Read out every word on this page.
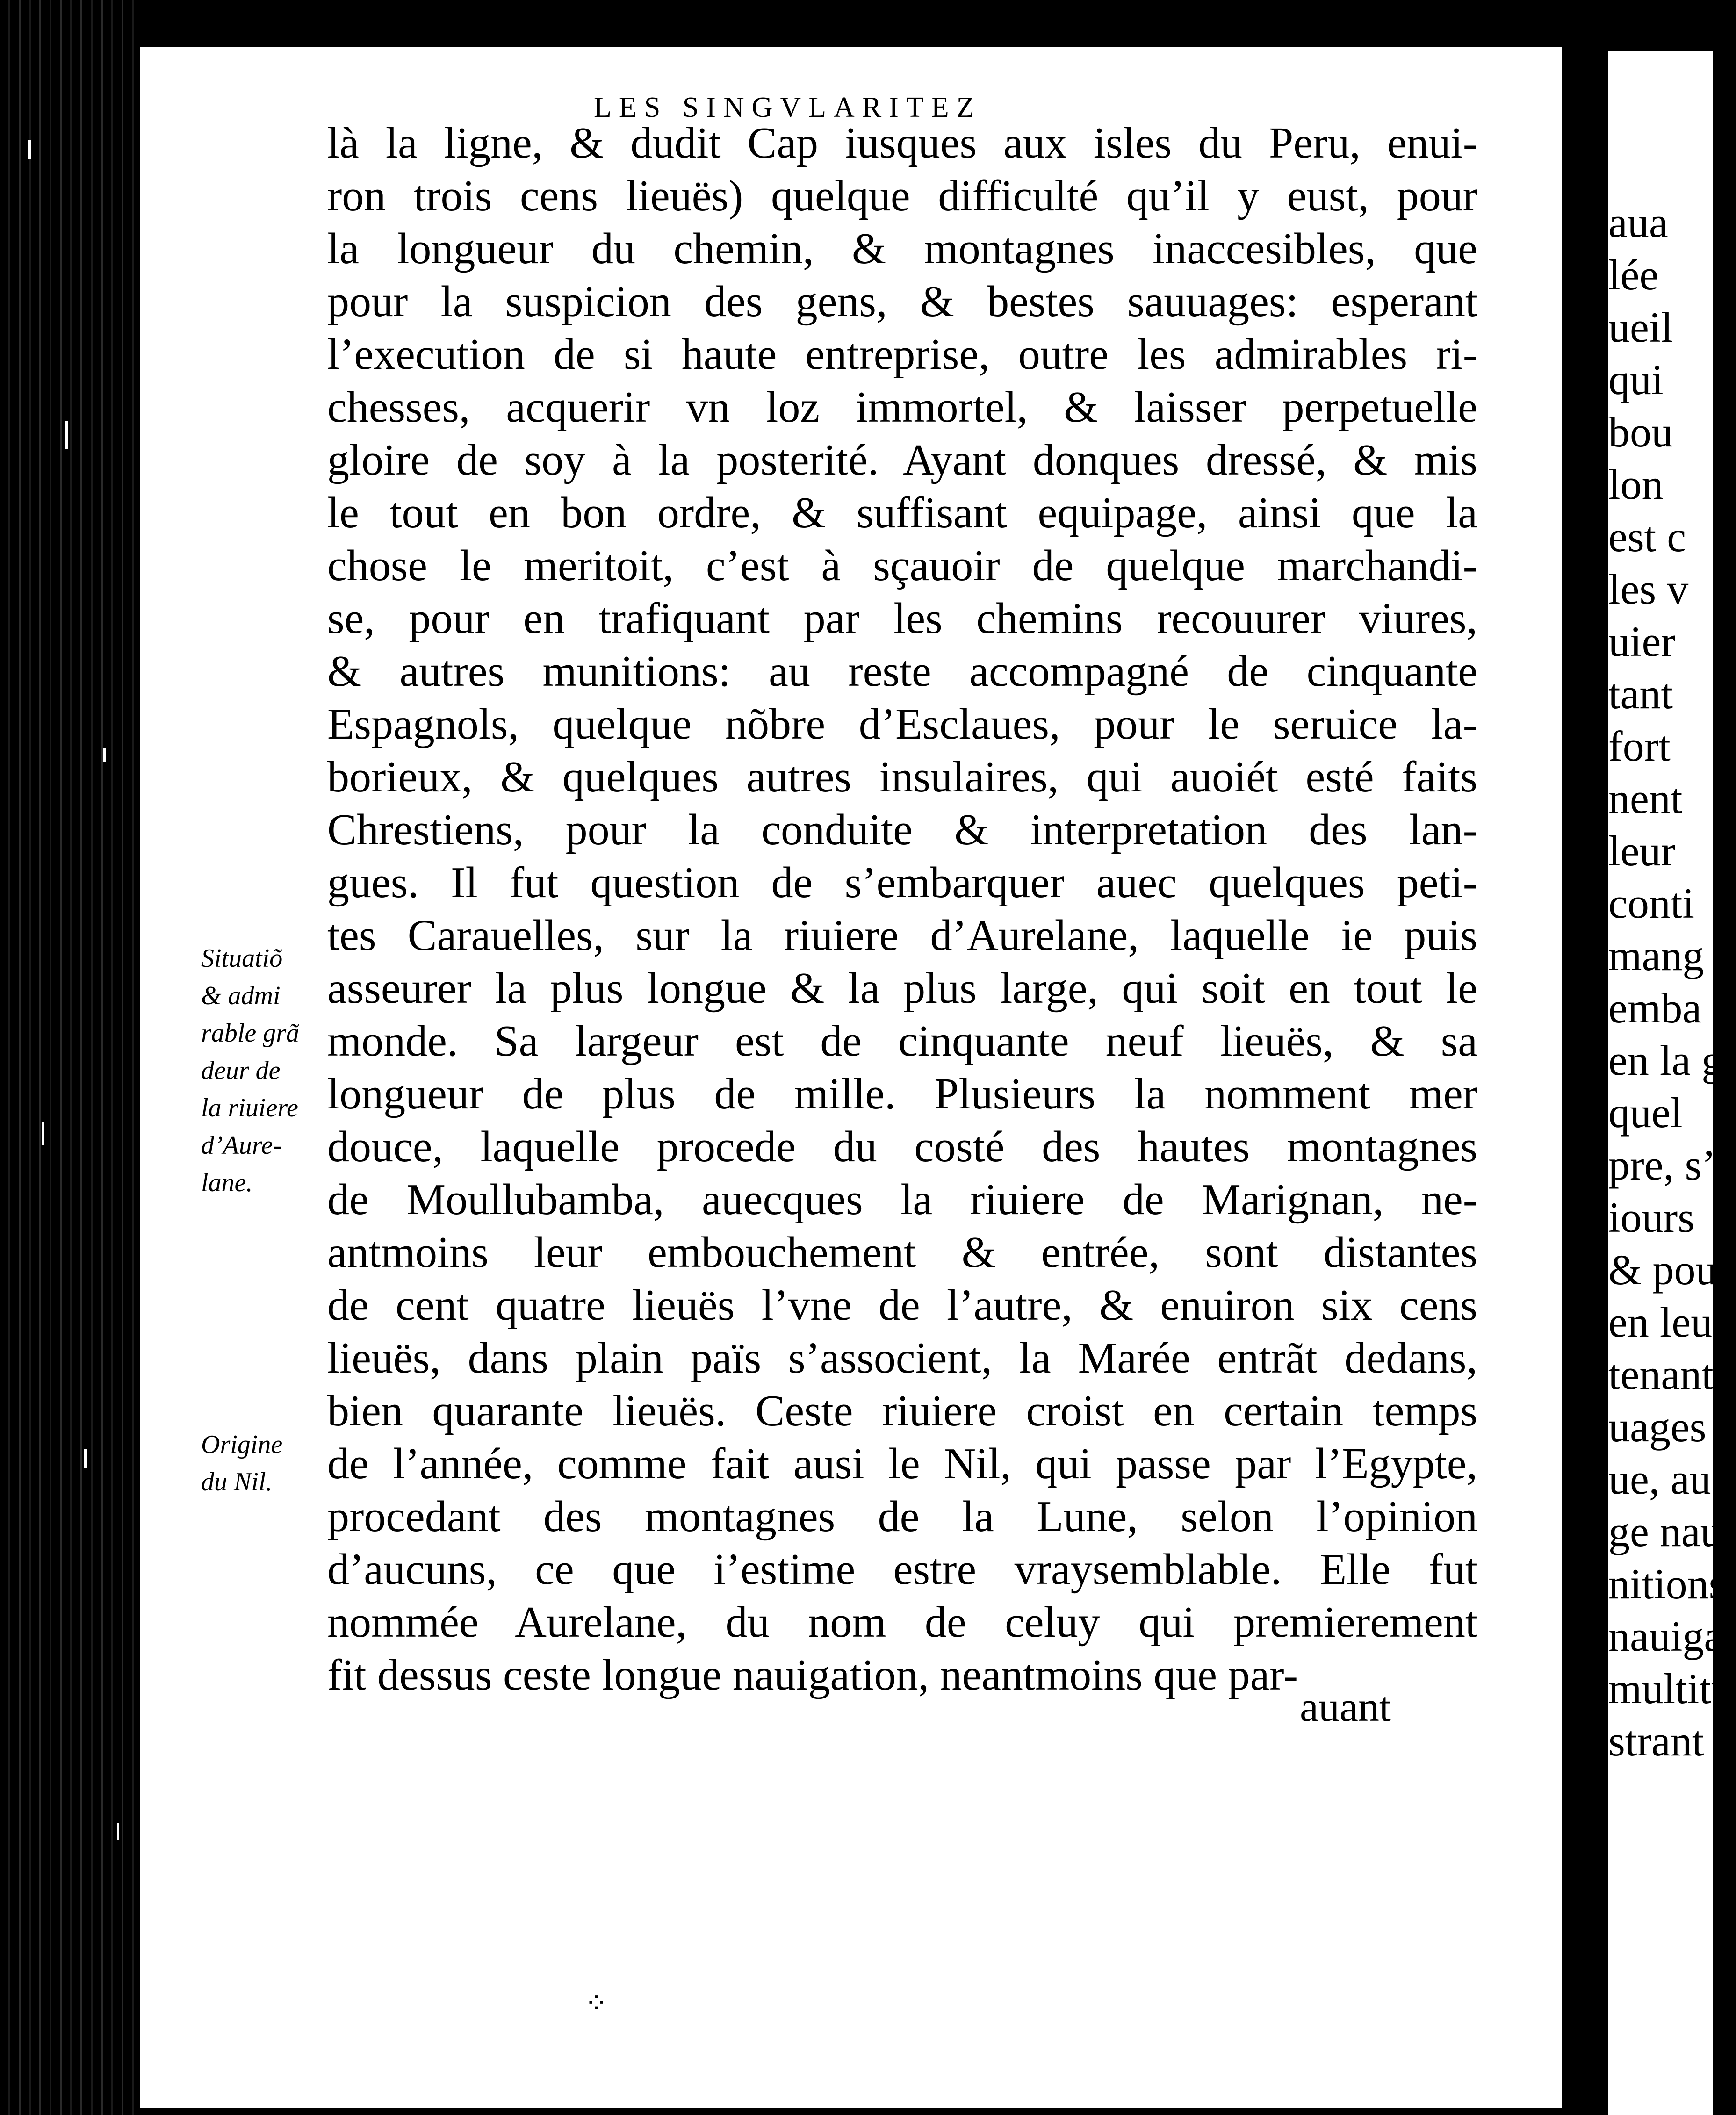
aua
lée
ueil
qui
bou
lon
est c
les v
uier
tant
fort
nent
leur
conti
mang
emba
en la g
quel
pre, s’a
iours
& pou
en leu
tenant
uages
ue, aue
ge naui
nitions
nauiga
multitu
strant q
LES SINGVLARITEZ
là la ligne, & dudit Cap iusques aux isles du Peru, enui-
ron trois cens lieuës) quelque difficulté qu’il y eust, pour
la longueur du chemin, & montagnes inaccesibles, que
pour la suspicion des gens, & bestes sauuages: esperant
l’execution de si haute entreprise, outre les admirables ri-
chesses, acquerir vn loz immortel, & laisser perpetuelle
gloire de soy à la posterité. Ayant donques dressé, & mis
le tout en bon ordre, & suffisant equipage, ainsi que la
chose le meritoit, c’est à sçauoir de quelque marchandi-
se, pour en trafiquant par les chemins recouurer viures,
& autres munitions: au reste accompagné de cinquante
Espagnols, quelque nõbre d’Esclaues, pour le seruice la-
borieux, & quelques autres insulaires, qui auoiét esté faits
Chrestiens, pour la conduite & interpretation des lan-
gues. Il fut question de s’embarquer auec quelques peti-
tes Carauelles, sur la riuiere d’Aurelane, laquelle ie puis
asseurer la plus longue & la plus large, qui soit en tout le
monde. Sa largeur est de cinquante neuf lieuës, & sa
longueur de plus de mille. Plusieurs la nomment mer
douce, laquelle procede du costé des hautes montagnes
de Moullubamba, auecques la riuiere de Marignan, ne-
antmoins leur embouchement & entrée, sont distantes
de cent quatre lieuës l’vne de l’autre, & enuiron six cens
lieuës, dans plain païs s’associent, la Marée entrãt dedans,
bien quarante lieuës. Ceste riuiere croist en certain temps
de l’année, comme fait ausi le Nil, qui passe par l’Egypte,
procedant des montagnes de la Lune, selon l’opinion
d’aucuns, ce que i’estime estre vraysemblable. Elle fut
nommée Aurelane, du nom de celuy qui premierement
fit dessus ceste longue nauigation, neantmoins que par-
Situatiõ
& admi
rable grã
deur de
la riuiere
d’Aure-
lane.
Origine
du Nil.
auant
⁘
